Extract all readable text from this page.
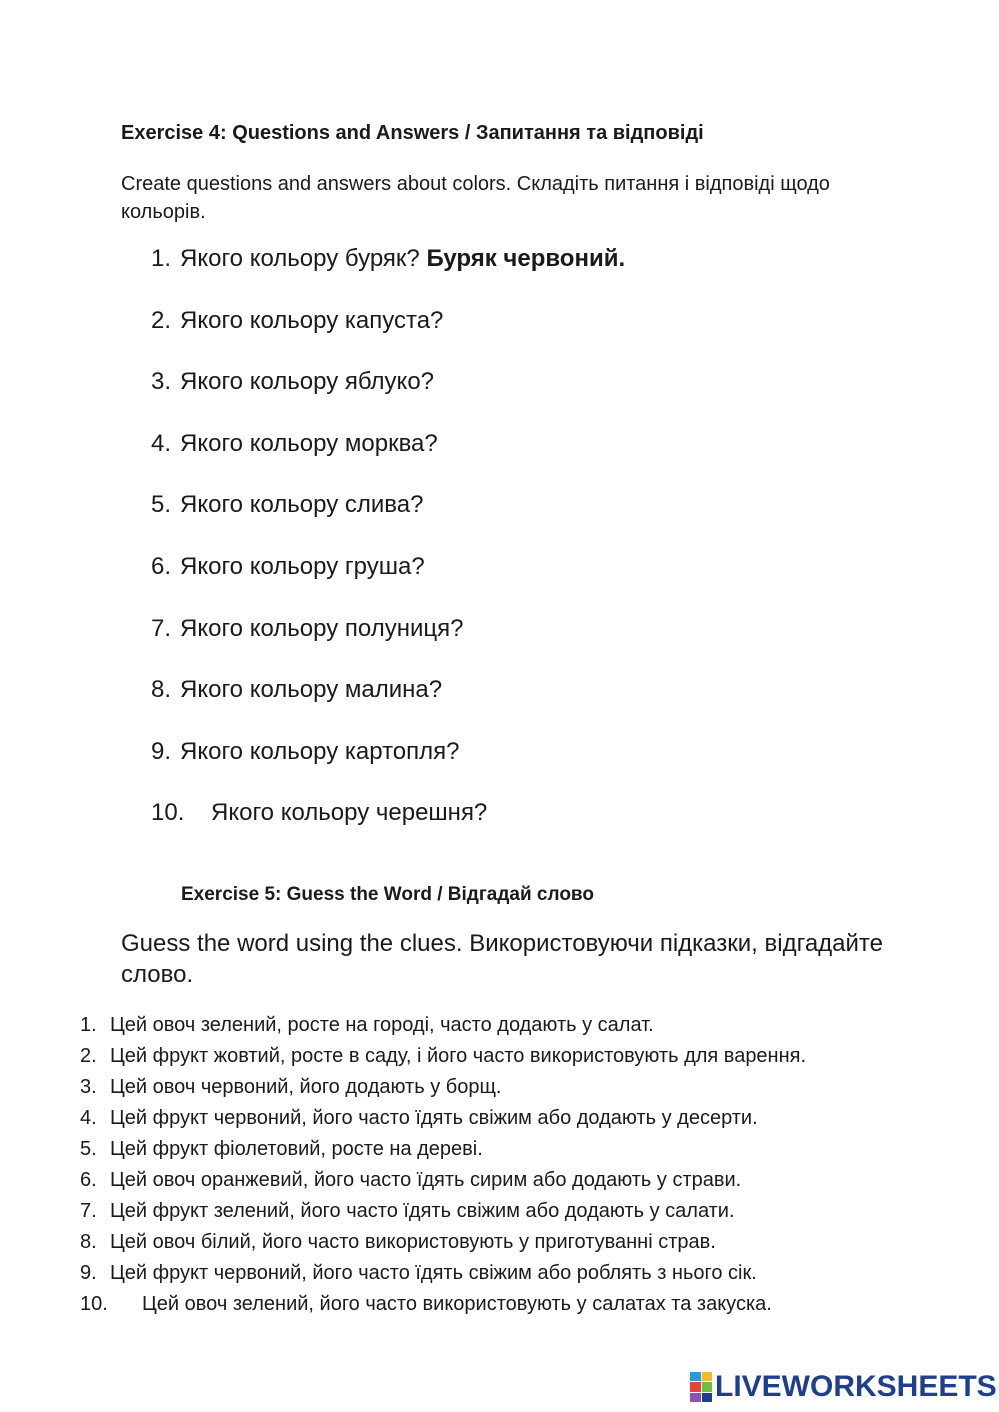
Exercise 4: Questions and Answers / Запитання та відповіді
Create questions and answers about colors. Складіть питання і відповіді щодо кольорів.
1. Якого кольору буряк? Буряк червоний.
2. Якого кольору капуста?
3. Якого кольору яблуко?
4. Якого кольору морква?
5. Якого кольору слива?
6. Якого кольору груша?
7. Якого кольору полуниця?
8. Якого кольору малина?
9. Якого кольору картопля?
10. Якого кольору черешня?
Exercise 5: Guess the Word / Відгадай слово
Guess the word using the clues. Використовуючи підказки, відгадайте слово.
1. Цей овоч зелений, росте на городі, часто додають у салат.
2. Цей фрукт жовтий, росте в саду, і його часто використовують для варення.
3. Цей овоч червоний, його додають у борщ.
4. Цей фрукт червоний, його часто їдять свіжим або додають у десерти.
5. Цей фрукт фіолетовий, росте на дереві.
6. Цей овоч оранжевий, його часто їдять сирим або додають у страви.
7. Цей фрукт зелений, його часто їдять свіжим або додають у салати.
8. Цей овоч білий, його часто використовують у приготуванні страв.
9. Цей фрукт червоний, його часто їдять свіжим або роблять з нього сік.
10. Цей овоч зелений, його часто використовують у салатах та закуска.
LIVEWORKSHEETS
